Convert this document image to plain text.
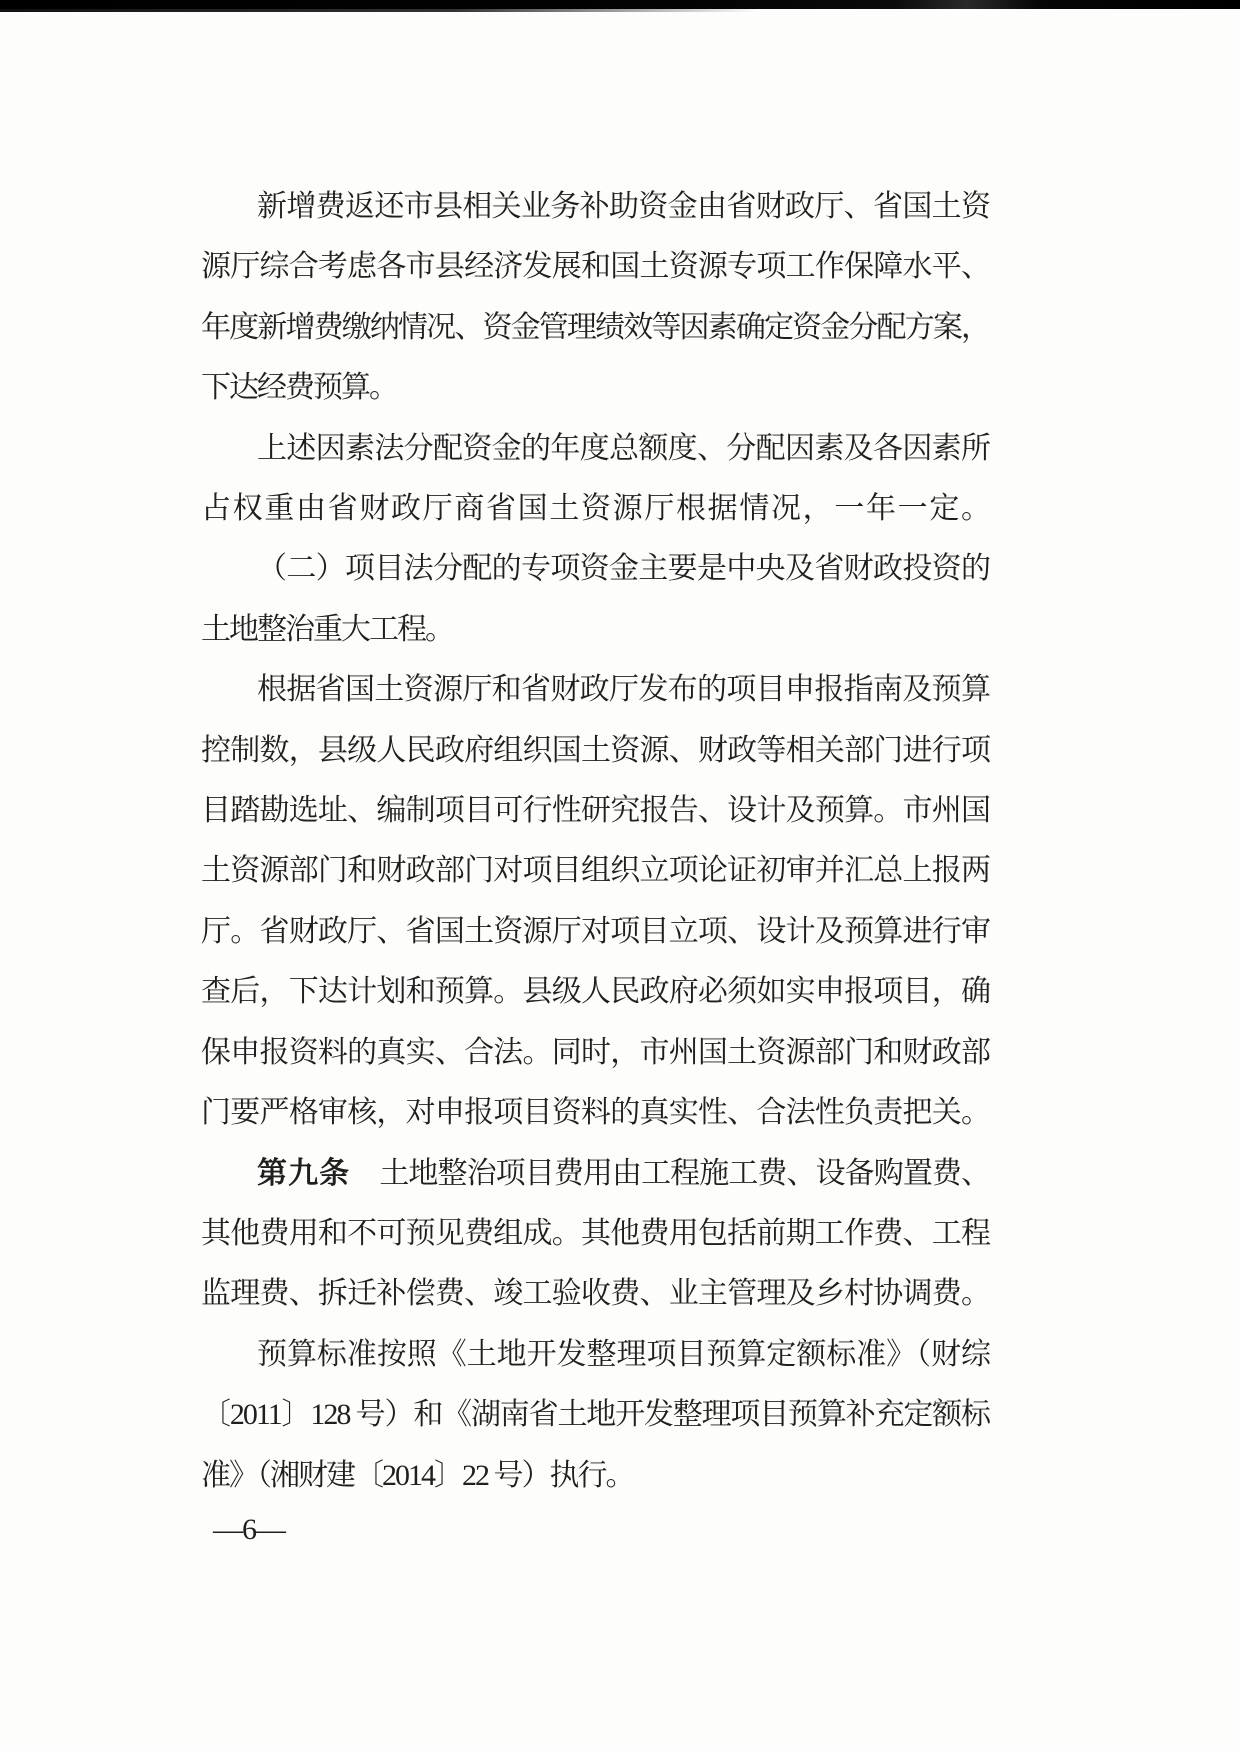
新增费返还市县相关业务补助资金由省财政厅、省国土资
源厅综合考虑各市县经济发展和国土资源专项工作保障水平、
年度新增费缴纳情况、资金管理绩效等因素确定资金分配方案，
下达经费预算。
上述因素法分配资金的年度总额度、分配因素及各因素所
占权重由省财政厅商省国土资源厅根据情况，一年一定。
（二）项目法分配的专项资金主要是中央及省财政投资的
土地整治重大工程。
根据省国土资源厅和省财政厅发布的项目申报指南及预算
控制数，县级人民政府组织国土资源、财政等相关部门进行项
目踏勘选址、编制项目可行性研究报告、设计及预算。市州国
土资源部门和财政部门对项目组织立项论证初审并汇总上报两
厅。省财政厅、省国土资源厅对项目立项、设计及预算进行审
查后，下达计划和预算。县级人民政府必须如实申报项目，确
保申报资料的真实、合法。同时，市州国土资源部门和财政部
门要严格审核，对申报项目资料的真实性、合法性负责把关。
第九条　土地整治项目费用由工程施工费、设备购置费、
其他费用和不可预见费组成。其他费用包括前期工作费、工程
监理费、拆迁补偿费、竣工验收费、业主管理及乡村协调费。
预算标准按照《土地开发整理项目预算定额标准》（财综
〔2011〕128 号）和《湖南省土地开发整理项目预算补充定额标
准》（湘财建〔2014〕22 号）执行。
—6—
